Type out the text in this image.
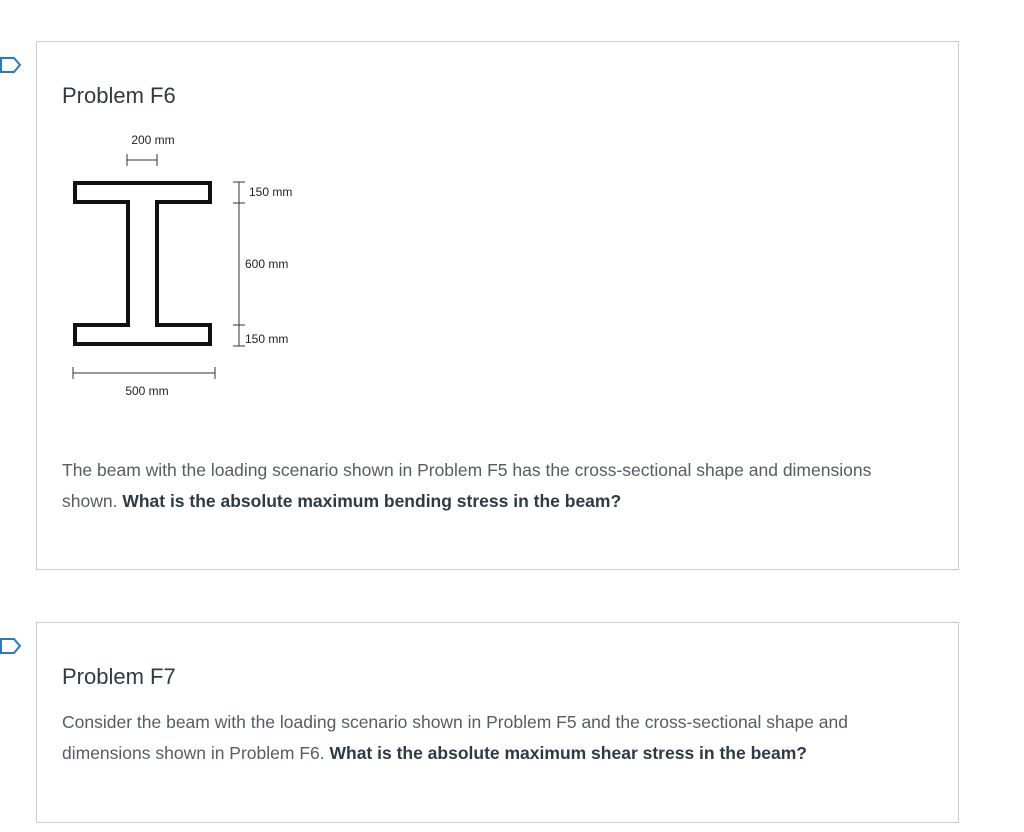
Problem F6
200 mm
150 mm
600 mm
150 mm
500 mm

The beam with the loading scenario shown in Problem F5 has the cross-sectional shape and dimensions shown. What is the absolute maximum bending stress in the beam?

Problem F7

Consider the beam with the loading scenario shown in Problem F5 and the cross-sectional shape and dimensions shown in Problem F6. What is the absolute maximum shear stress in the beam?
